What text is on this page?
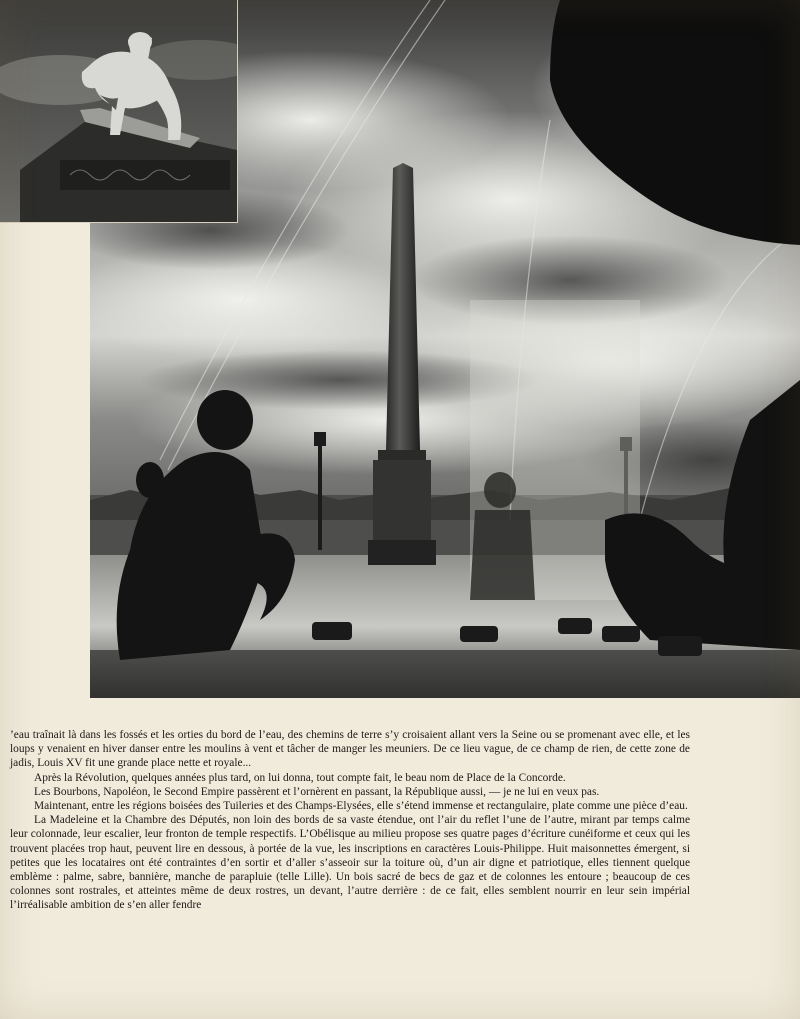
’eau traînait là dans les fossés et les orties du bord de l’eau, des chemins de terre s’y croisaient allant vers la Seine ou se promenant avec elle, et les loups y venaient en hiver danser entre les moulins à vent et tâcher de manger les meuniers. De ce lieu vague, de ce champ de rien, de cette zone de jadis, Louis XV fit une grande place nette et royale...

Après la Révolution, quelques années plus tard, on lui donna, tout compte fait, le beau nom de Place de la Concorde.

Les Bourbons, Napoléon, le Second Empire passèrent et l’ornèrent en passant, la République aussi, — je ne lui en veux pas.

Maintenant, entre les régions boisées des Tuileries et des Champs-Elysées, elle s’étend immense et rectangulaire, plate comme une pièce d’eau.

La Madeleine et la Chambre des Députés, non loin des bords de sa vaste étendue, ont l’air du reflet l’une de l’autre, mirant par temps calme leur colonnade, leur escalier, leur fronton de temple respectifs. L’Obélisque au milieu propose ses quatre pages d’écriture cunéiforme et ceux qui les trouvent placées trop haut, peuvent lire en dessous, à portée de la vue, les inscriptions en caractères Louis-Philippe. Huit maisonnettes émergent, si petites que les locataires ont été contraintes d’en sortir et d’aller s’asseoir sur la toiture où, d’un air digne et patriotique, elles tiennent quelque emblème : palme, sabre, bannière, manche de parapluie (telle Lille). Un bois sacré de becs de gaz et de colonnes les entoure ; beaucoup de ces colonnes sont rostrales, et atteintes même de deux rostres, un devant, l’autre derrière : de ce fait, elles semblent nourrir en leur sein impérial l’irréalisable ambition de s’en aller fendre
